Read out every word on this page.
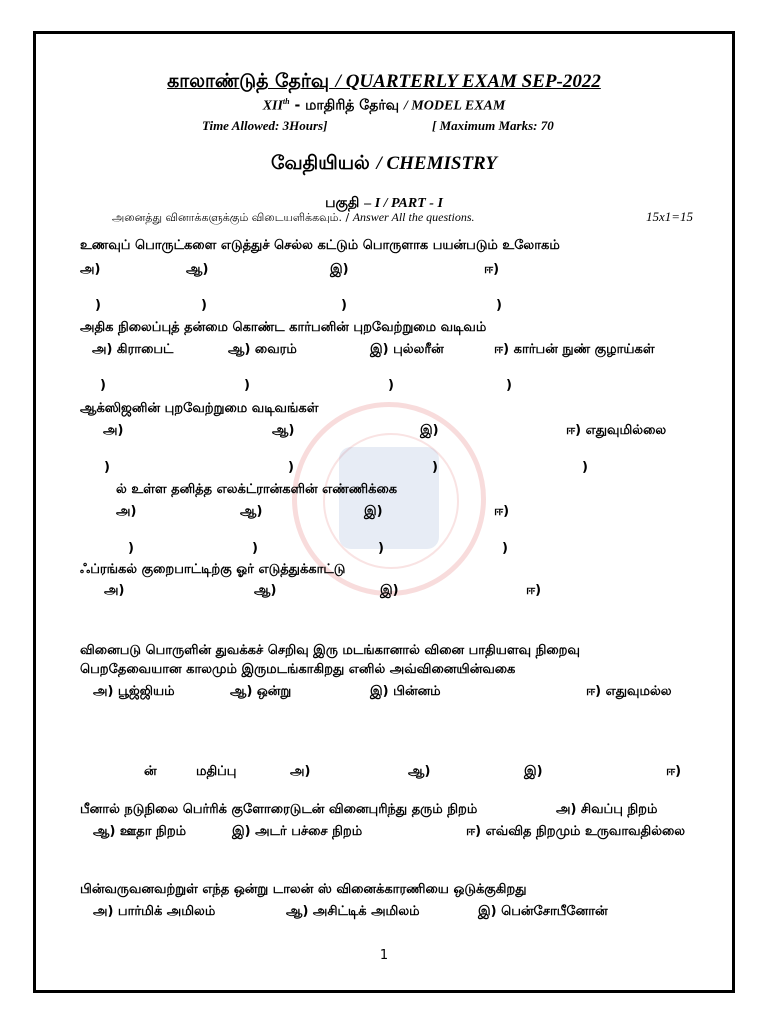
காலாண்டுத் தேர்வு / QUARTERLY EXAM SEP-2022
XIIth - மாதிரித் தேர்வு / MODEL EXAM
Time Allowed: 3Hours]	[ Maximum Marks: 70
வேதியியல் / CHEMISTRY
பகுதி – I / PART - I
அனைத்து வினாக்களுக்கும் விடையளிக்கவும். / Answer All the questions.	15x1=15
உணவுப் பொருட்களை எடுத்துச் செல்ல கட்டும் பொருளாக பயன்படும் உலோகம்
அ)	ஆ)	இ)	ஈ)
)	)	)	)
அதிக நிலைப்புத் தன்மை கொண்ட கார்பனின் புறவேற்றுமை வடிவம்
அ) கிராபைட்	ஆ) வைரம்	இ) புல்லரீன்	ஈ) கார்பன் நுண் குழாய்கள்
)	)	)	)
ஆக்ஸிஜனின் புறவேற்றுமை வடிவங்கள்
அ)	ஆ)	இ)	ஈ) எதுவுமில்லை
)	)	)	)
ல் உள்ள தனித்த எலக்ட்ரான்களின் எண்ணிக்கை
அ)	ஆ)	இ)	ஈ)
)	)	)	)
ஃப்ரங்கல் குறைபாட்டிற்கு ஓர் எடுத்துக்காட்டு
அ)	ஆ)	இ)	ஈ)
வினைபடு பொருளின் துவக்கச் செறிவு இரு மடங்கானால் வினை பாதியளவு நிறைவு
பெறதேவையான காலமும் இருமடங்காகிறது எனில் அவ்வினையின்வகை
அ) பூஜ்ஜியம்	ஆ) ஒன்று	இ) பின்னம்	ஈ) எதுவுமல்ல
ன்	மதிப்பு	அ)	ஆ)	இ)	ஈ)
பீனால் நடுநிலை பெர்ரிக் குளோரைடுடன் வினைபுரிந்து தரும் நிறம்	அ) சிவப்பு நிறம்
ஆ) ஊதா நிறம்	இ) அடர் பச்சை நிறம்	ஈ) எவ்வித நிறமும் உருவாவதில்லை
பின்வருவனவற்றுள் எந்த ஒன்று டாலன் ஸ் வினைக்காரணியை ஒடுக்குகிறது
அ) பார்மிக் அமிலம்	ஆ) அசிட்டிக் அமிலம்	இ) பென்சோபீனோன்
1
